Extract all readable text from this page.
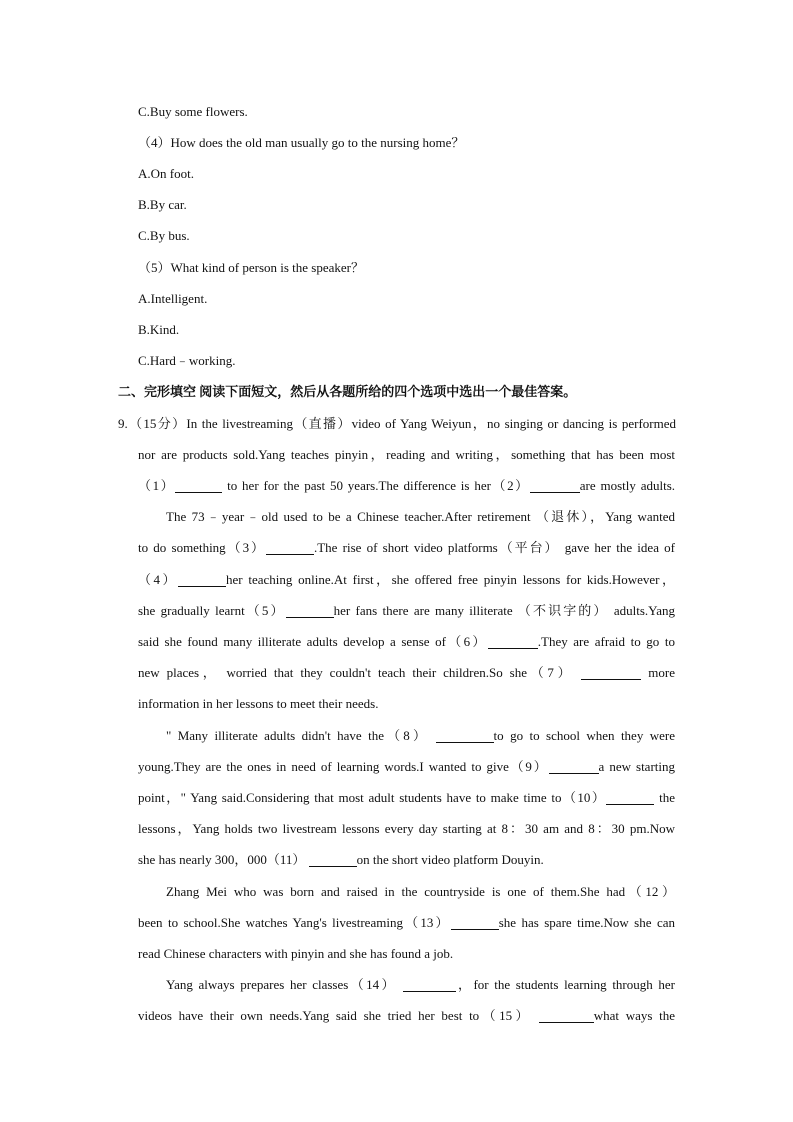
C.Buy some flowers.
（4）How does the old man usually go to the nursing home？
A.On foot.
B.By car.
C.By bus.
（5）What kind of person is the speaker？
A.Intelligent.
B.Kind.
C.Hard﹣working.
二、完形填空 阅读下面短文，然后从各题所给的四个选项中选出一个最佳答案。
9.（15分）In the livestreaming（直播）video of Yang Weiyun，no singing or dancing is performed
nor are products sold.Yang teaches pinyin，reading and writing，something that has been most
（1）	to her for the past 50 years.The difference is her（2）	are mostly adults.
The 73﹣year﹣old used to be a Chinese teacher.After retirement （退休），Yang wanted
to do something（3）	.The rise of short video platforms（平台） gave her the idea of
（4）	her teaching online.At first，she offered free pinyin lessons for kids.However，
she gradually learnt（5）	her fans there are many illiterate （不识字的） adults.Yang
said she found many illiterate adults develop a sense of（6）	.They are afraid to go to
new places， worried that they couldn't teach their children.So she（7）	more
information in her lessons to meet their needs.
" Many illiterate adults didn't have the（8）	to go to school when they were
young.They are the ones in need of learning words.I wanted to give（9）	a new starting
point，" Yang said.Considering that most adult students have to make time to（10）	the
lessons，Yang holds two livestream lessons every day starting at 8：30 am and 8：30 pm.Now
she has nearly 300，000（11）	on the short video platform Douyin.
Zhang Mei who was born and raised in the countryside is one of them.She had（12）
been to school.She watches Yang's livestreaming（13）	she has spare time.Now she can
read Chinese characters with pinyin and she has found a job.
Yang always prepares her classes（14）	，for the students learning through her
videos have their own needs.Yang said she tried her best to（15）	what ways the
